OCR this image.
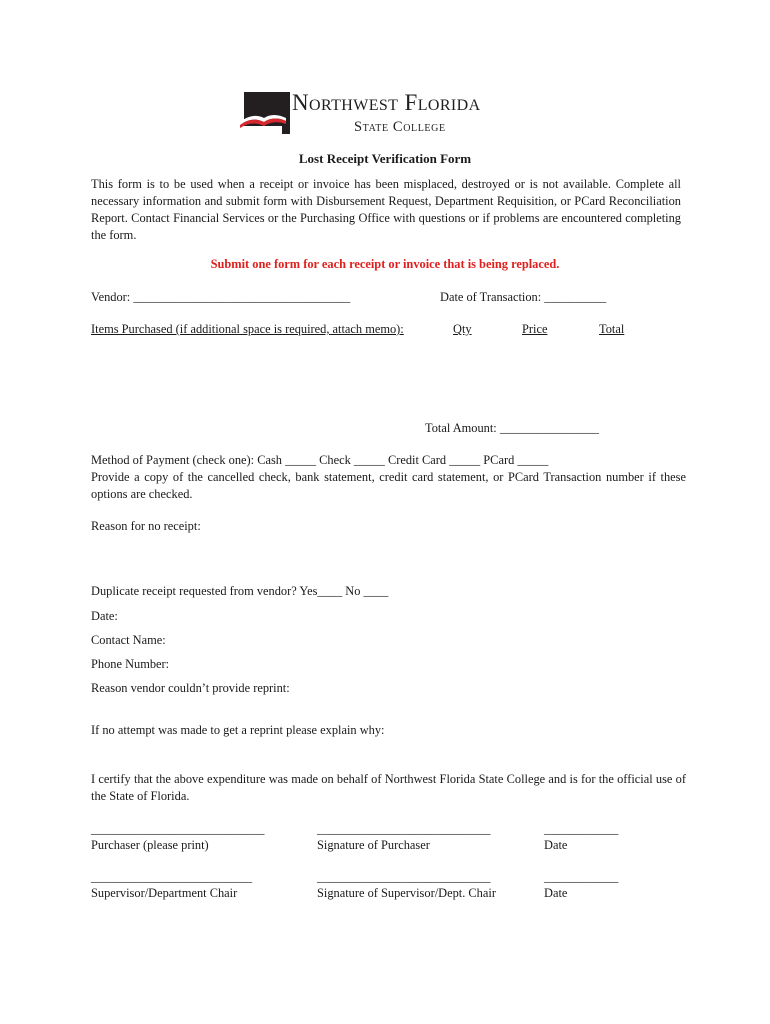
Northwest Florida
State College
Lost Receipt Verification Form
This form is to be used when a receipt or invoice has been misplaced, destroyed or is not available. Complete all necessary information and submit form with Disbursement Request, Department Requisition, or PCard Reconciliation Report. Contact Financial Services or the Purchasing Office with questions or if problems are encountered completing the form.
Submit one form for each receipt or invoice that is being replaced.
Vendor: ___________________________________	Date of Transaction: __________
Items Purchased (if additional space is required, attach memo):	Qty	Price	Total
Total Amount: ________________
Method of Payment (check one): Cash _____ Check _____ Credit Card _____ PCard _____
Provide a copy of the cancelled check, bank statement, credit card statement, or PCard Transaction number if these options are checked.
Reason for no receipt:
Duplicate receipt requested from vendor? Yes____ No ____
Date:
Contact Name:
Phone Number:
Reason vendor couldn’t provide reprint:
If no attempt was made to get a reprint please explain why:
I certify that the above expenditure was made on behalf of Northwest Florida State College and is for the official use of the State of Florida.
____________________________	____________________________	____________
Purchaser (please print)	Signature of Purchaser	Date
__________________________	____________________________	____________
Supervisor/Department Chair	Signature of Supervisor/Dept. Chair	Date
